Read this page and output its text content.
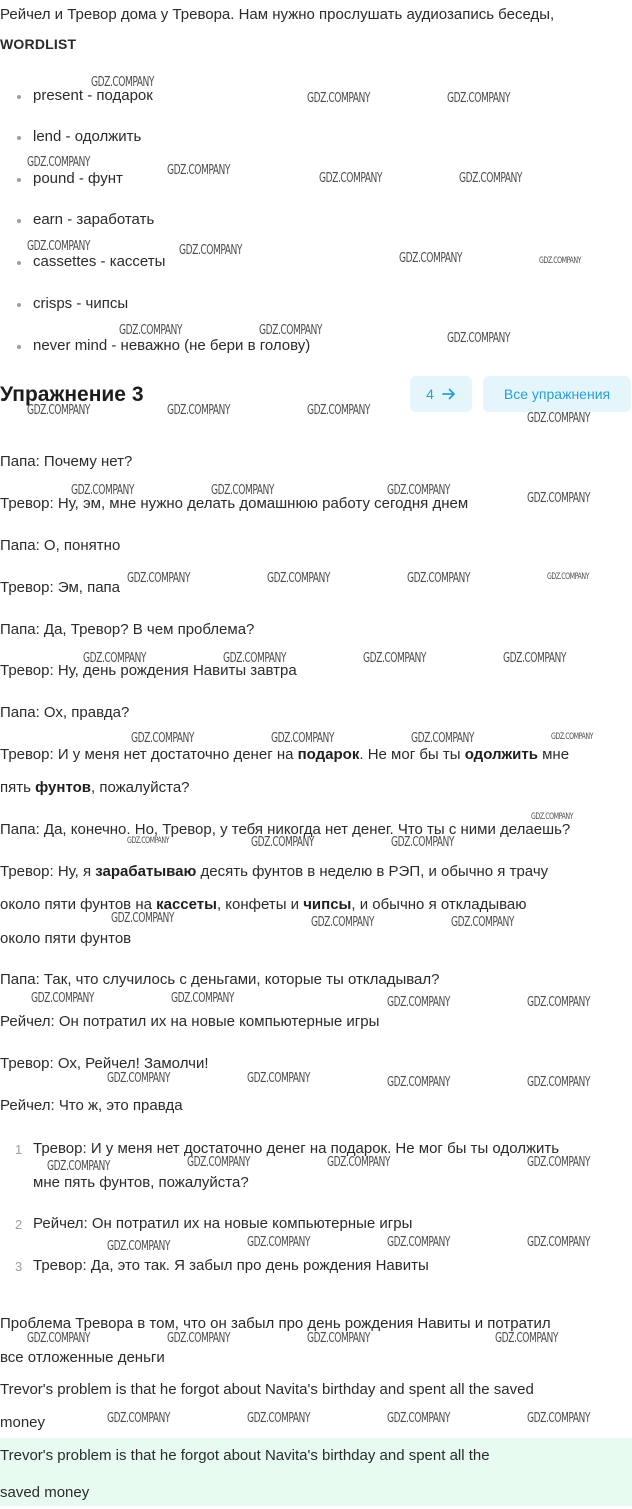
Рейчел и Тревор дома у Тревора. Нам нужно прослушать аудиозапись беседы,
WORDLIST
present - подарок
lend - одолжить
pound - фунт
earn - заработать
cassettes - кассеты
crisps - чипсы
never mind - неважно (не бери в голову)
Упражнение 3	4	Все упражнения
Папа: Почему нет?
Тревор: Ну, эм, мне нужно делать домашнюю работу сегодня днем
Папа: О, понятно
Тревор: Эм, папа
Папа: Да, Тревор? В чем проблема?
Тревор: Ну, день рождения Навиты завтра
Папа: Ох, правда?
Тревор: И у меня нет достаточно денег на подарок. Не мог бы ты одолжить мне
пять фунтов, пожалуйста?
Папа: Да, конечно. Но, Тревор, у тебя никогда нет денег. Что ты с ними делаешь?
Тревор: Ну, я зарабатываю десять фунтов в неделю в РЭП, и обычно я трачу
около пяти фунтов на кассеты, конфеты и чипсы, и обычно я откладываю
около пяти фунтов
Папа: Так, что случилось с деньгами, которые ты откладывал?
Рейчел: Он потратил их на новые компьютерные игры
Тревор: Ох, Рейчел! Замолчи!
Рейчел: Что ж, это правда
1 Тревор: И у меня нет достаточно денег на подарок. Не мог бы ты одолжить
мне пять фунтов, пожалуйста?
2 Рейчел: Он потратил их на новые компьютерные игры
3 Тревор: Да, это так. Я забыл про день рождения Навиты
Проблема Тревора в том, что он забыл про день рождения Навиты и потратил
все отложенные деньги
Trevor's problem is that he forgot about Navita's birthday and spent all the saved
money
Trevor's problem is that he forgot about Navita's birthday and spent all the
saved money
GDZ.COMPANY
GDZ.COMPANY	GDZ.COMPANY
GDZ.COMPANY
GDZ.COMPANY
GDZ.COMPANY	GDZ.COMPANY
GDZ.COMPANY	GDZ.COMPANY
GDZ.COMPANY	GDZ.COMPANY
GDZ.COMPANY	GDZ.COMPANY
GDZ.COMPANY
GDZ.COMPANY	GDZ.COMPANY	GDZ.COMPANY
GDZ.COMPANY
GDZ.COMPANY	GDZ.COMPANY	GDZ.COMPANY
GDZ.COMPANY
GDZ.COMPANY	GDZ.COMPANY	GDZ.COMPANY	GDZ.COMPANY
GDZ.COMPANY	GDZ.COMPANY	GDZ.COMPANY	GDZ.COMPANY
GDZ.COMPANY	GDZ.COMPANY	GDZ.COMPANY	GDZ.COMPANY
GDZ.COMPANY
GDZ.COMPANY	GDZ.COMPANY	GDZ.COMPANY
GDZ.COMPANY	GDZ.COMPANY	GDZ.COMPANY
GDZ.COMPANY	GDZ.COMPANY	GDZ.COMPANY	GDZ.COMPANY
GDZ.COMPANY	GDZ.COMPANY	GDZ.COMPANY	GDZ.COMPANY
GDZ.COMPANY	GDZ.COMPANY	GDZ.COMPANY	GDZ.COMPANY
GDZ.COMPANY	GDZ.COMPANY	GDZ.COMPANY	GDZ.COMPANY
GDZ.COMPANY	GDZ.COMPANY	GDZ.COMPANY	GDZ.COMPANY
GDZ.COMPANY	GDZ.COMPANY	GDZ.COMPANY	GDZ.COMPANY
